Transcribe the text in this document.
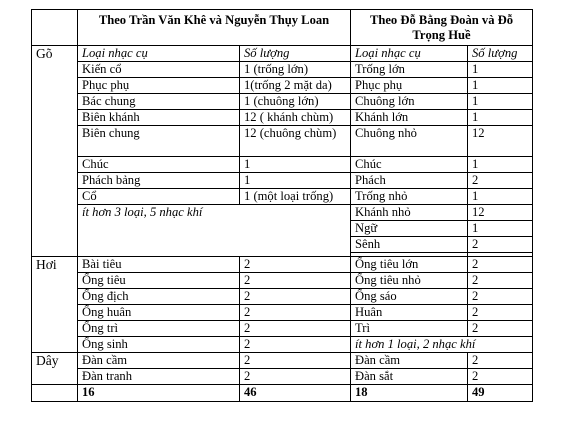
	Theo Trần Văn Khê và Nguyễn Thụy Loan		Theo Đỗ Bằng Đoàn và Đỗ Trọng Huề	
Gõ	Loại nhạc cụ	Số lượng	Loại nhạc cụ	Số lượng
	Kiến cổ	1 (trống lớn)	Trống lớn	1
	Phục phụ	1(trống 2 mặt da)	Phục phụ	1
	Bác chung	1 (chuông lớn)	Chuông lớn	1
	Biên khánh	12 ( khánh chùm)	Khánh lớn	1
	Biên chung	12 (chuông chùm)	Chuông nhỏ	12
	Chúc	1	Chúc	1
	Phách bảng	1	Phách	2
	Cổ	1 (một loại trống)	Trống nhỏ	1
	ít hơn 3 loại, 5 nhạc khí		Khánh nhỏ	12
			Ngữ	1
			Sênh	2

Hơi	Bài tiêu	2	Ống tiêu lớn	2
	Ống tiêu	2	Ống tiêu nhỏ	2
	Ống địch	2	Ống sáo	2
	Ống huân	2	Huân	2
	Ống trì	2	Trì	2
	Ống sinh	2	ít hơn 1 loại, 2 nhạc khí	
Dây	Đàn cầm	2	Đàn cầm	2
	Đàn tranh	2	Đàn sắt	2
	16	46	18	49
